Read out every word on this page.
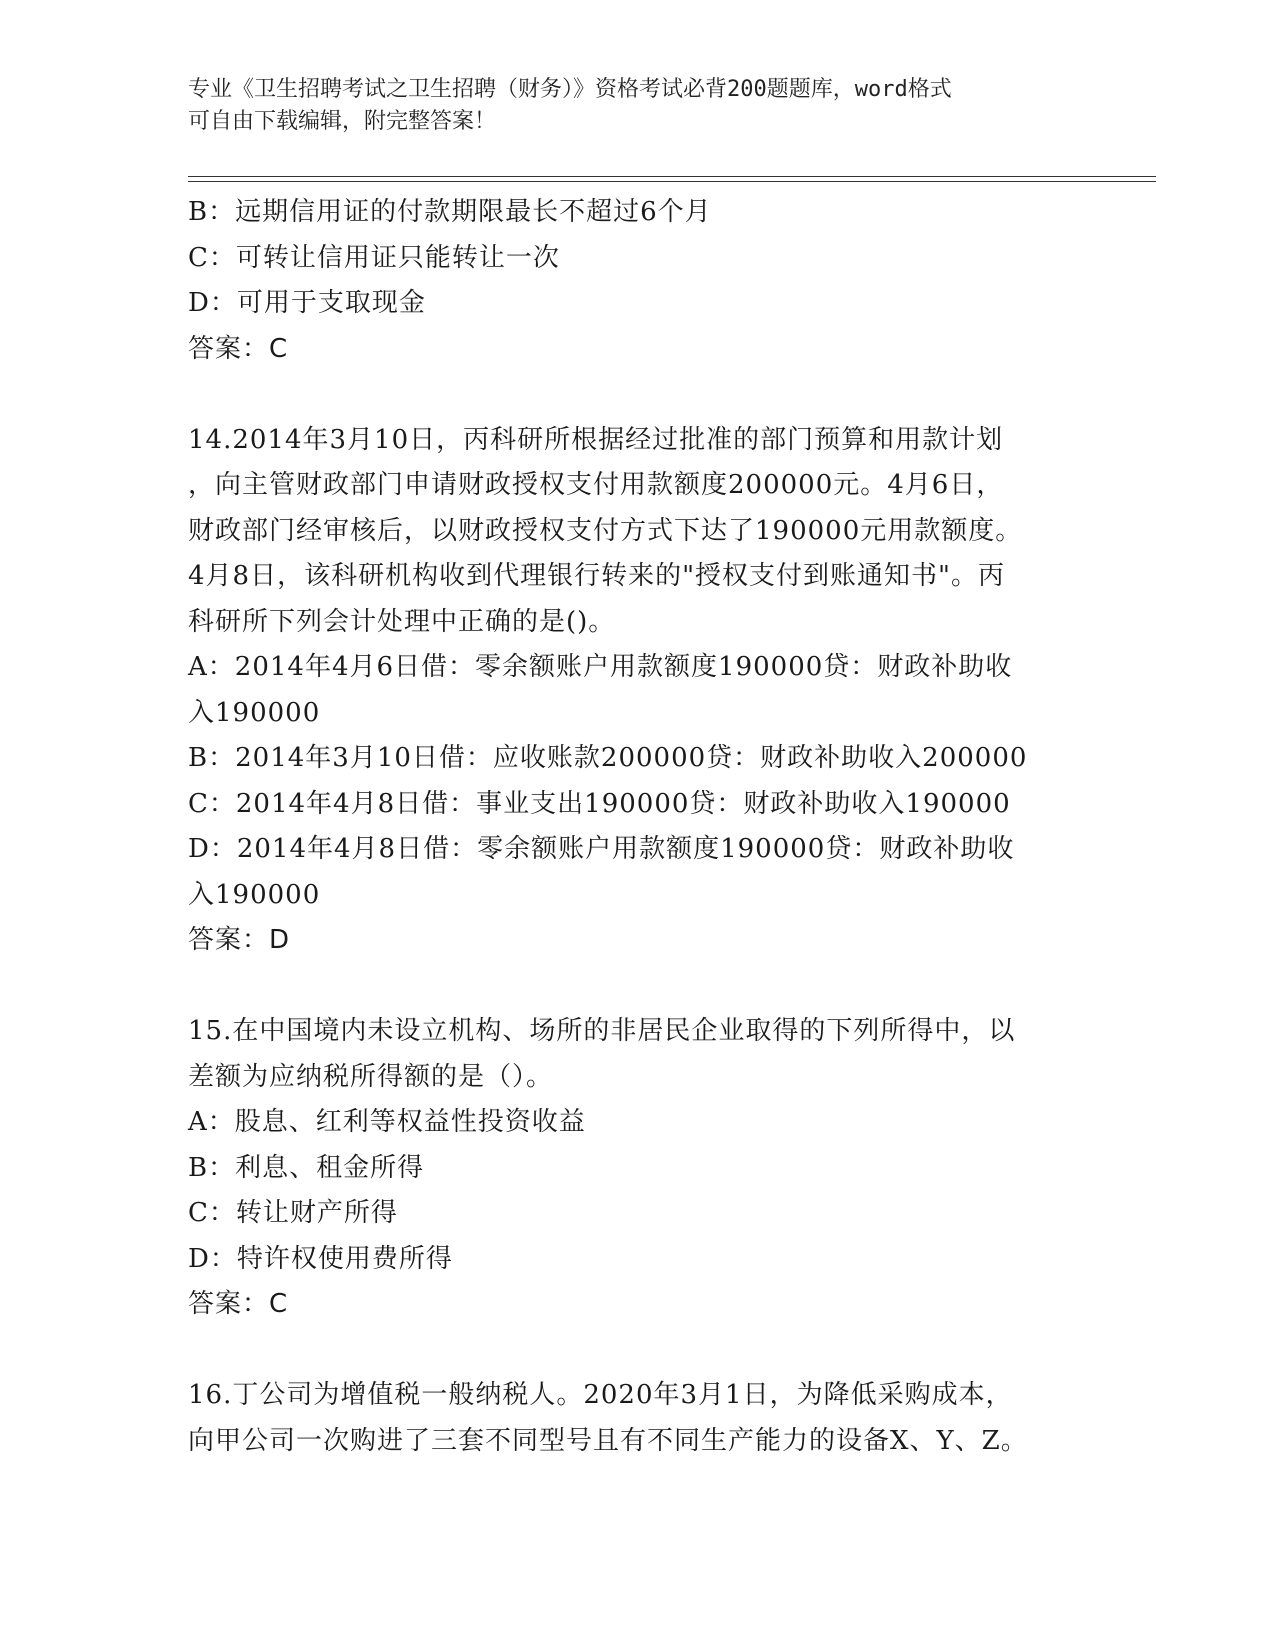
专业《卫生招聘考试之卫生招聘（财务）》资格考试必背200题题库，word格式
可自由下载编辑，附完整答案！
B：远期信用证的付款期限最长不超过6个月
C：可转让信用证只能转让一次
D：可用于支取现金
答案：C
14.2014年3月10日，丙科研所根据经过批准的部门预算和用款计划
，向主管财政部门申请财政授权支付用款额度200000元。4月6日，
财政部门经审核后，以财政授权支付方式下达了190000元用款额度。
4月8日，该科研机构收到代理银行转来的"授权支付到账通知书"。丙
科研所下列会计处理中正确的是()。
A：2014年4月6日借：零余额账户用款额度190000贷：财政补助收
入190000
B：2014年3月10日借：应收账款200000贷：财政补助收入200000
C：2014年4月8日借：事业支出190000贷：财政补助收入190000
D：2014年4月8日借：零余额账户用款额度190000贷：财政补助收
入190000
答案：D
15.在中国境内未设立机构、场所的非居民企业取得的下列所得中，以
差额为应纳税所得额的是（）。
A：股息、红利等权益性投资收益
B：利息、租金所得
C：转让财产所得
D：特许权使用费所得
答案：C
16.丁公司为增值税一般纳税人。2020年3月1日，为降低采购成本，
向甲公司一次购进了三套不同型号且有不同生产能力的设备X、Y、Z。
